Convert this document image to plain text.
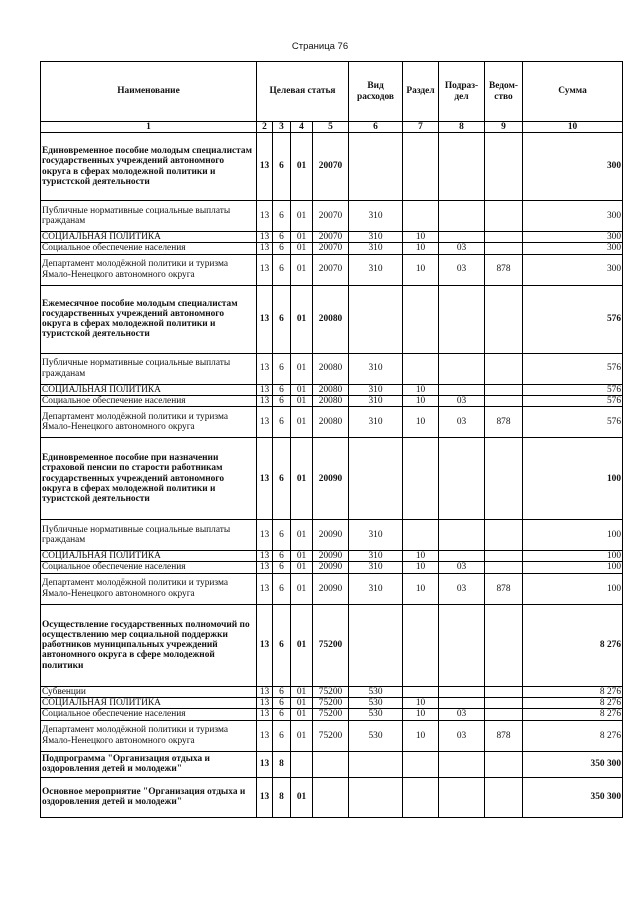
Страница 76
Наименование	Целевая статья				Вид расходов	Раздел	Подраз-дел	Ведом-ство	Сумма
1	2	3	4	5	6	7	8	9	10
Единовременное пособие молодым специалистам государственных учреждений автономного округа в сферах молодежной политики и туристской деятельности	13	6	01	20070					300
Публичные нормативные социальные выплаты гражданам	13	6	01	20070	310				300
СОЦИАЛЬНАЯ ПОЛИТИКА	13	6	01	20070	310	10			300
Социальное обеспечение населения	13	6	01	20070	310	10	03		300
Департамент молодёжной политики и туризма Ямало-Ненецкого автономного округа	13	6	01	20070	310	10	03	878	300
Ежемесячное пособие молодым специалистам государственных учреждений автономного округа в сферах молодежной политики и туристской деятельности	13	6	01	20080					576
Публичные нормативные социальные выплаты гражданам	13	6	01	20080	310				576
СОЦИАЛЬНАЯ ПОЛИТИКА	13	6	01	20080	310	10			576
Социальное обеспечение населения	13	6	01	20080	310	10	03		576
Департамент молодёжной политики и туризма Ямало-Ненецкого автономного округа	13	6	01	20080	310	10	03	878	576
Единовременное пособие при назначении страховой пенсии по старости работникам государственных учреждений автономного округа в сферах молодежной политики и туристской деятельности	13	6	01	20090					100
Публичные нормативные социальные выплаты гражданам	13	6	01	20090	310				100
СОЦИАЛЬНАЯ ПОЛИТИКА	13	6	01	20090	310	10			100
Социальное обеспечение населения	13	6	01	20090	310	10	03		100
Департамент молодёжной политики и туризма Ямало-Ненецкого автономного округа	13	6	01	20090	310	10	03	878	100
Осуществление государственных полномочий по осуществлению мер социальной поддержки работников муниципальных учреждений автономного округа в сфере молодежной политики	13	6	01	75200					8 276
Субвенции	13	6	01	75200	530				8 276
СОЦИАЛЬНАЯ ПОЛИТИКА	13	6	01	75200	530	10			8 276
Социальное обеспечение населения	13	6	01	75200	530	10	03		8 276
Департамент молодёжной политики и туризма Ямало-Ненецкого автономного округа	13	6	01	75200	530	10	03	878	8 276
Подпрограмма "Организация отдыха и оздоровления детей и молодежи"	13	8							350 300
Основное мероприятие "Организация отдыха и оздоровления детей и молодежи"	13	8	01						350 300
